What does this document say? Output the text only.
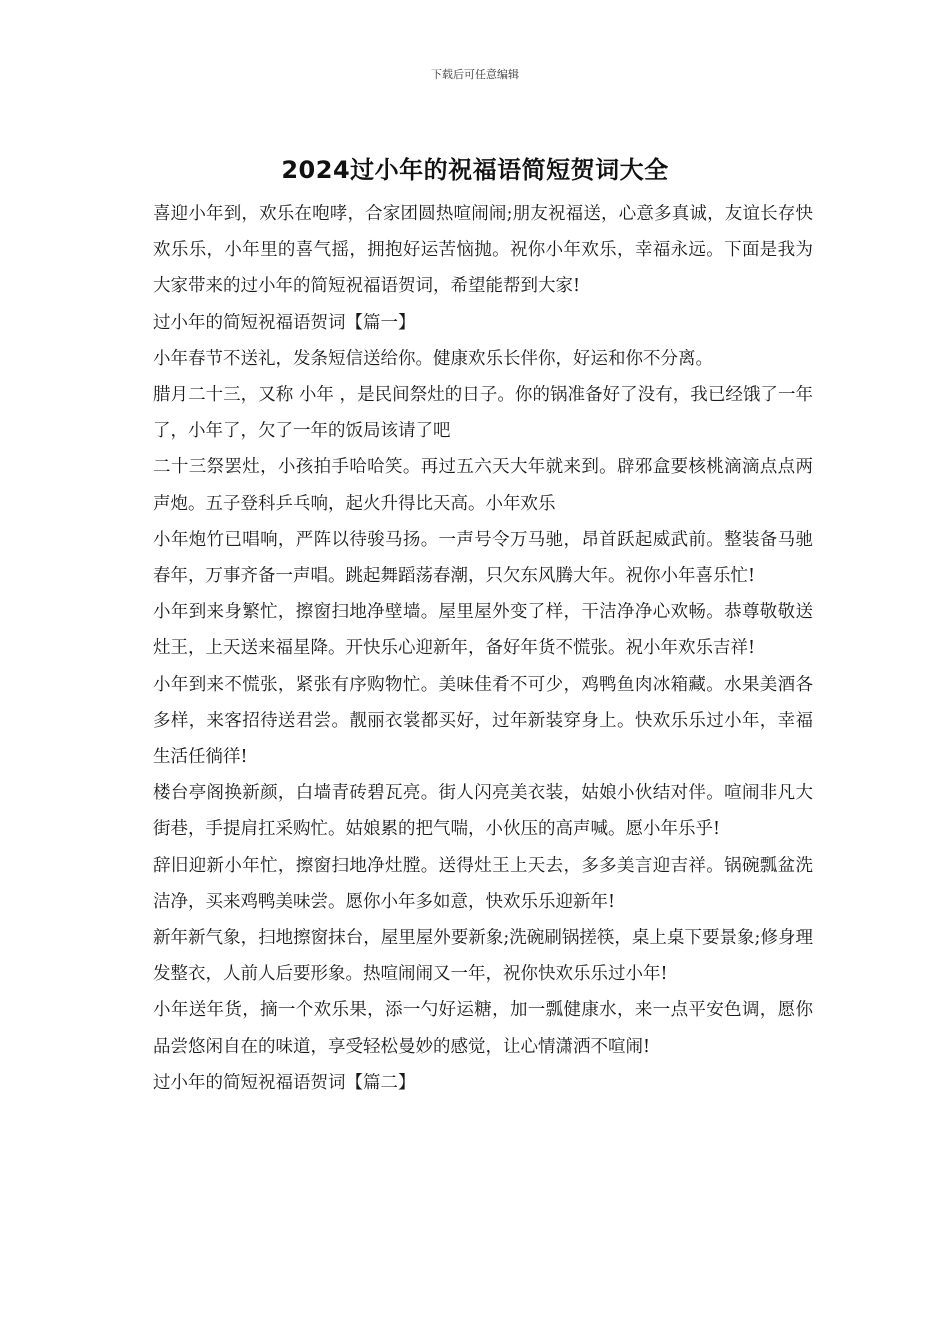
下载后可任意编辑
2024过小年的祝福语简短贺词大全

喜迎小年到，欢乐在咆哮，合家团圆热喧闹闹;朋友祝福送，心意多真诚，友谊长存快欢乐乐，小年里的喜气摇，拥抱好运苦恼抛。祝你小年欢乐，幸福永远。下面是我为大家带来的过小年的简短祝福语贺词，希望能帮到大家!

过小年的简短祝福语贺词【篇一】

小年春节不送礼，发条短信送给你。健康欢乐长伴你，好运和你不分离。

腊月二十三，又称 小年 ，是民间祭灶的日子。你的锅准备好了没有，我已经饿了一年了，小年了，欠了一年的饭局该请了吧

二十三祭罢灶，小孩拍手哈哈笑。再过五六天大年就来到。辟邪盒要核桃滴滴点点两声炮。五子登科乒乓响，起火升得比天高。小年欢乐

小年炮竹已唱响，严阵以待骏马扬。一声号令万马驰，昂首跃起威武前。整装备马驰春年，万事齐备一声唱。跳起舞蹈荡春潮，只欠东风腾大年。祝你小年喜乐忙!

小年到来身繁忙，擦窗扫地净壁墙。屋里屋外变了样，干洁净净心欢畅。恭尊敬敬送灶王，上天送来福星降。开快乐心迎新年，备好年货不慌张。祝小年欢乐吉祥!

小年到来不慌张，紧张有序购物忙。美味佳肴不可少，鸡鸭鱼肉冰箱藏。水果美酒各多样，来客招待送君尝。靓丽衣裳都买好，过年新装穿身上。快欢乐乐过小年，幸福生活任徜徉!

楼台亭阁换新颜，白墙青砖碧瓦亮。街人闪亮美衣装，姑娘小伙结对伴。喧闹非凡大街巷，手提肩扛采购忙。姑娘累的把气喘，小伙压的高声喊。愿小年乐乎!

辞旧迎新小年忙，擦窗扫地净灶膛。送得灶王上天去，多多美言迎吉祥。锅碗瓢盆洗洁净，买来鸡鸭美味尝。愿你小年多如意，快欢乐乐迎新年!

新年新气象，扫地擦窗抹台，屋里屋外要新象;洗碗刷锅搓筷，桌上桌下要景象;修身理发整衣，人前人后要形象。热喧闹闹又一年，祝你快欢乐乐过小年!

小年送年货，摘一个欢乐果，添一勺好运糖，加一瓢健康水，来一点平安色调，愿你品尝悠闲自在的味道，享受轻松曼妙的感觉，让心情潇洒不喧闹!

过小年的简短祝福语贺词【篇二】
